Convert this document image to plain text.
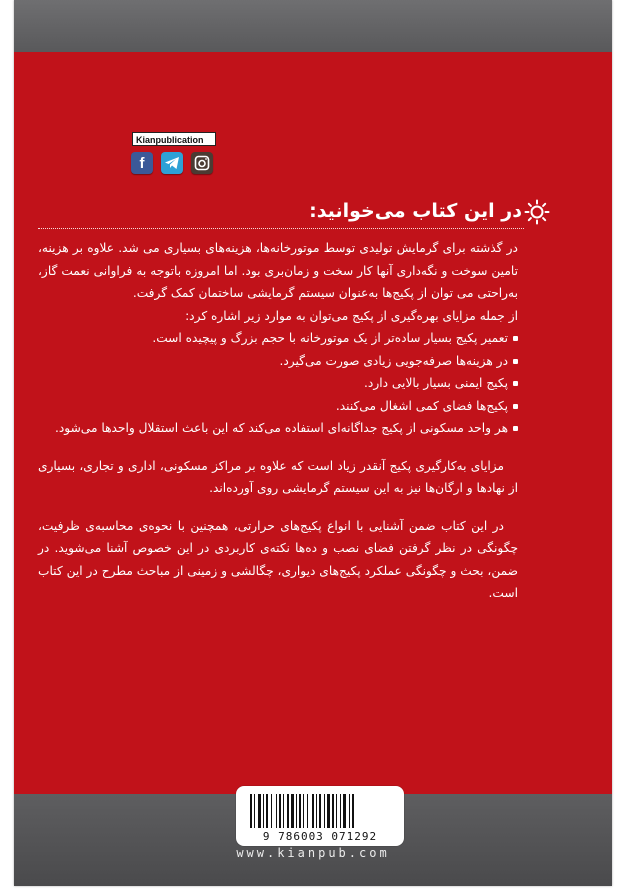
Kianpublication
f
در این کتاب می‌خوانید:

در گذشته برای گرمایش تولیدی توسط موتورخانه‌ها، هزینه‌های بسیاری می شد. علاوه بر هزینه، تامین سوخت و نگه‌داری آنها کار سخت و زمان‌بری بود. اما امروزه باتوجه به فراوانی نعمت گاز، به‌راحتی می توان از پکیج‌ها به‌عنوان سیستم گرمایشی ساختمان کمک گرفت.

از جمله مزایای بهره‌گیری از پکیج می‌توان به موارد زیر اشاره کرد:

تعمیر پکیج بسیار ساده‌تر از یک موتورخانه با حجم بزرگ و پیچیده است.
در هزینه‌ها صرفه‌جویی زیادی صورت می‌گیرد.
پکیج ایمنی بسیار بالایی دارد.
پکیج‌ها فضای کمی اشغال می‌کنند.
هر واحد مسکونی از پکیج جداگانه‌ای استفاده می‌کند که این باعث استقلال واحدها می‌شود.

مزایای به‌کارگیری پکیج آنقدر زیاد است که علاوه بر مراکز مسکونی، اداری و تجاری، بسیاری از نهادها و ارگان‌ها نیز به این سیستم گرمایشی روی آورده‌اند.

در این کتاب ضمن آشنایی با انواع پکیج‌های حرارتی، همچنین با نحوه‌ی محاسبه‌ی ظرفیت، چگونگی در نظر گرفتن فضای نصب و ده‌ها نکته‌ی کاربردی در این خصوص آشنا می‌شوید. در ضمن، بحث و چگونگی عملکرد پکیج‌های دیواری، چگالشی و زمینی از مباحث مطرح در این کتاب است.

9 786003 071292
www.kianpub.com
